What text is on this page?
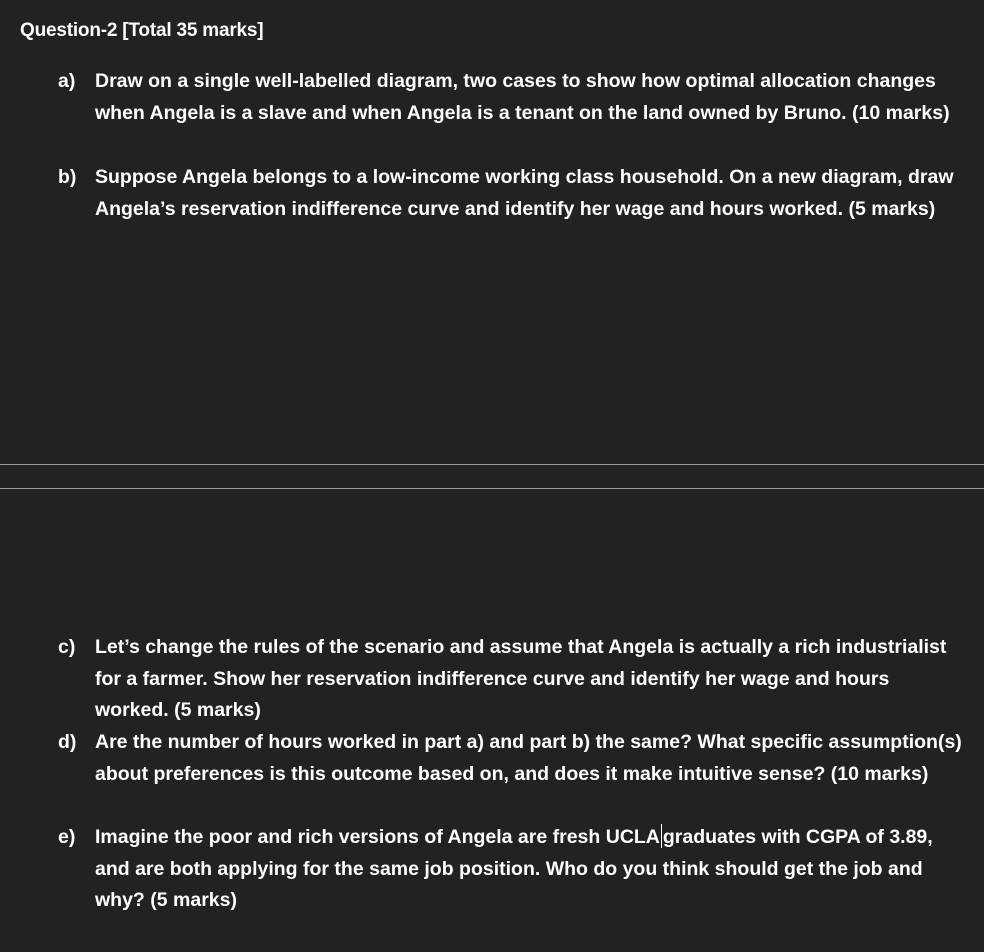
Question-2 [Total 35 marks]
a)	Draw on a single well-labelled diagram, two cases to show how optimal allocation changes when Angela is a slave and when Angela is a tenant on the land owned by Bruno. (10 marks)
b) Suppose Angela belongs to a low-income working class household. On a new diagram, draw Angela’s reservation indifference curve and identify her wage and hours worked. (5 marks)
c)	Let’s change the rules of the scenario and assume that Angela is actually a rich industrialist for a farmer. Show her reservation indifference curve and identify her wage and hours worked. (5 marks)
d) Are the number of hours worked in part a) and part b) the same? What specific assumption(s) about preferences is this outcome based on, and does it make intuitive sense? (10 marks)
e)	Imagine the poor and rich versions of Angela are fresh UCLA graduates with CGPA of 3.89, and are both applying for the same job position. Who do you think should get the job and why? (5 marks)
